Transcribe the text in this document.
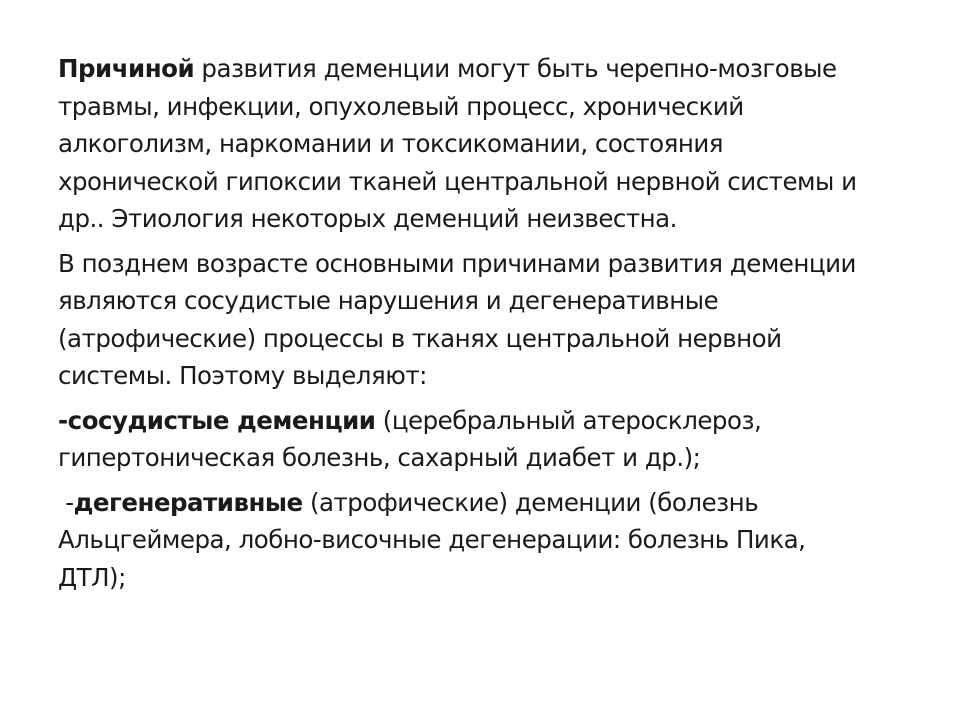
Причиной развития деменции могут быть черепно-мозговые травмы, инфекции, опухолевый процесс, хронический алкоголизм, наркомании и токсикомании, состояния хронической гипоксии тканей центральной нервной системы и др.. Этиология некоторых деменций неизвестна.

В позднем возрасте основными причинами развития деменции являются сосудистые нарушения и дегенеративные (атрофические) процессы в тканях центральной нервной системы. Поэтому выделяют:

-сосудистые деменции (церебральный атеросклероз, гипертоническая болезнь, сахарный диабет и др.);

-дегенеративные (атрофические) деменции (болезнь Альцгеймера, лобно-височные дегенерации: болезнь Пика, ДТЛ);
